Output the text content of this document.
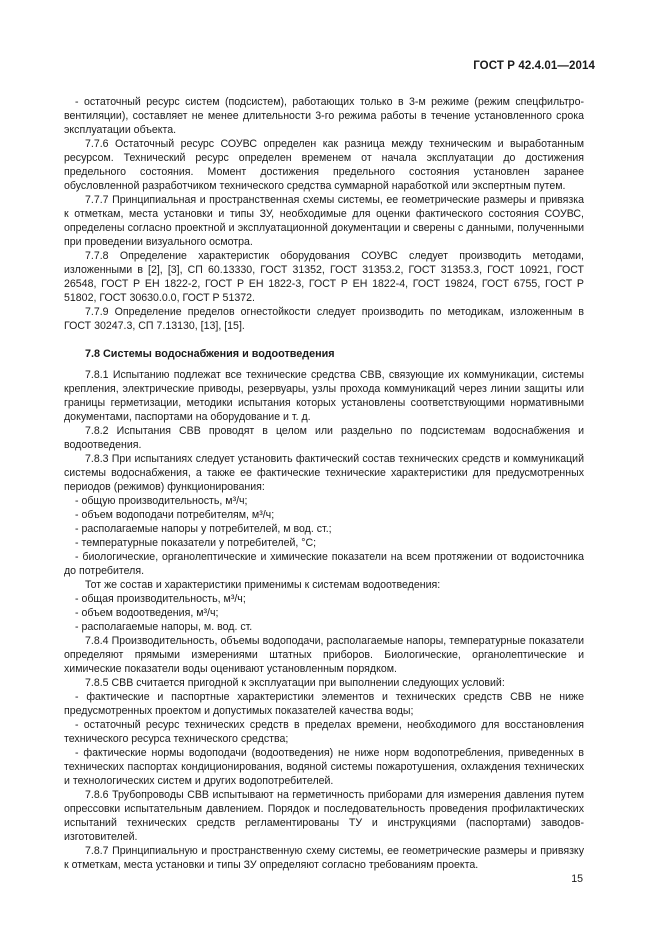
ГОСТ Р 42.4.01—2014

- остаточный ресурс систем (подсистем), работающих только в 3-м режиме (режим спецфильтро-вентиляции), составляет не менее длительности 3-го режима работы в течение установленного срока эксплуатации объекта.

7.7.6 Остаточный ресурс СОУВС определен как разница между техническим и выработанным ресурсом. Технический ресурс определен временем от начала эксплуатации до достижения предельного состояния. Момент достижения предельного состояния установлен заранее обусловленной разработчиком технического средства суммарной наработкой или экспертным путем.

7.7.7 Принципиальная и пространственная схемы системы, ее геометрические размеры и привязка к отметкам, места установки и типы ЗУ, необходимые для оценки фактического состояния СОУВС, определены согласно проектной и эксплуатационной документации и сверены с данными, полученными при проведении визуального осмотра.

7.7.8 Определение характеристик оборудования СОУВС следует производить методами, изложенными в [2], [3], СП 60.13330, ГОСТ 31352, ГОСТ 31353.2, ГОСТ 31353.3, ГОСТ 10921, ГОСТ 26548, ГОСТ Р ЕН 1822-2, ГОСТ Р ЕН 1822-3, ГОСТ Р ЕН 1822-4, ГОСТ 19824, ГОСТ 6755, ГОСТ Р 51802, ГОСТ 30630.0.0, ГОСТ Р 51372.

7.7.9 Определение пределов огнестойкости следует производить по методикам, изложенным в ГОСТ 30247.3, СП 7.13130, [13], [15].

7.8 Системы водоснабжения и водоотведения

7.8.1 Испытанию подлежат все технические средства СВВ, связующие их коммуникации, системы крепления, электрические приводы, резервуары, узлы прохода коммуникаций через линии защиты или границы герметизации, методики испытания которых установлены соответствующими нормативными документами, паспортами на оборудование и т. д.

7.8.2 Испытания СВВ проводят в целом или раздельно по подсистемам водоснабжения и водоотведения.

7.8.3 При испытаниях следует установить фактический состав технических средств и коммуникаций системы водоснабжения, а также ее фактические технические характеристики для предусмотренных периодов (режимов) функционирования:

- общую производительность, м³/ч;

- объем водоподачи потребителям, м³/ч;

- располагаемые напоры у потребителей, м вод. ст.;

- температурные показатели у потребителей, °С;

- биологические, органолептические и химические показатели на всем протяжении от водоисточника до потребителя.

Тот же состав и характеристики применимы к системам водоотведения:

- общая производительность, м³/ч;

- объем водоотведения, м³/ч;

- располагаемые напоры, м. вод. ст.

7.8.4 Производительность, объемы водоподачи, располагаемые напоры, температурные показатели определяют прямыми измерениями штатных приборов. Биологические, органолептические и химические показатели воды оценивают установленным порядком.

7.8.5 СВВ считается пригодной к эксплуатации при выполнении следующих условий:

- фактические и паспортные характеристики элементов и технических средств СВВ не ниже предусмотренных проектом и допустимых показателей качества воды;

- остаточный ресурс технических средств в пределах времени, необходимого для восстановления технического ресурса технического средства;

- фактические нормы водоподачи (водоотведения) не ниже норм водопотребления, приведенных в технических паспортах кондиционирования, водяной системы пожаротушения, охлаждения технических и технологических систем и других водопотребителей.

7.8.6 Трубопроводы СВВ испытывают на герметичность приборами для измерения давления путем опрессовки испытательным давлением. Порядок и последовательность проведения профилактических испытаний технических средств регламентированы ТУ и инструкциями (паспортами) заводов-изготовителей.

7.8.7 Принципиальную и пространственную схему системы, ее геометрические размеры и привязку к отметкам, места установки и типы ЗУ определяют согласно требованиям проекта.

15
